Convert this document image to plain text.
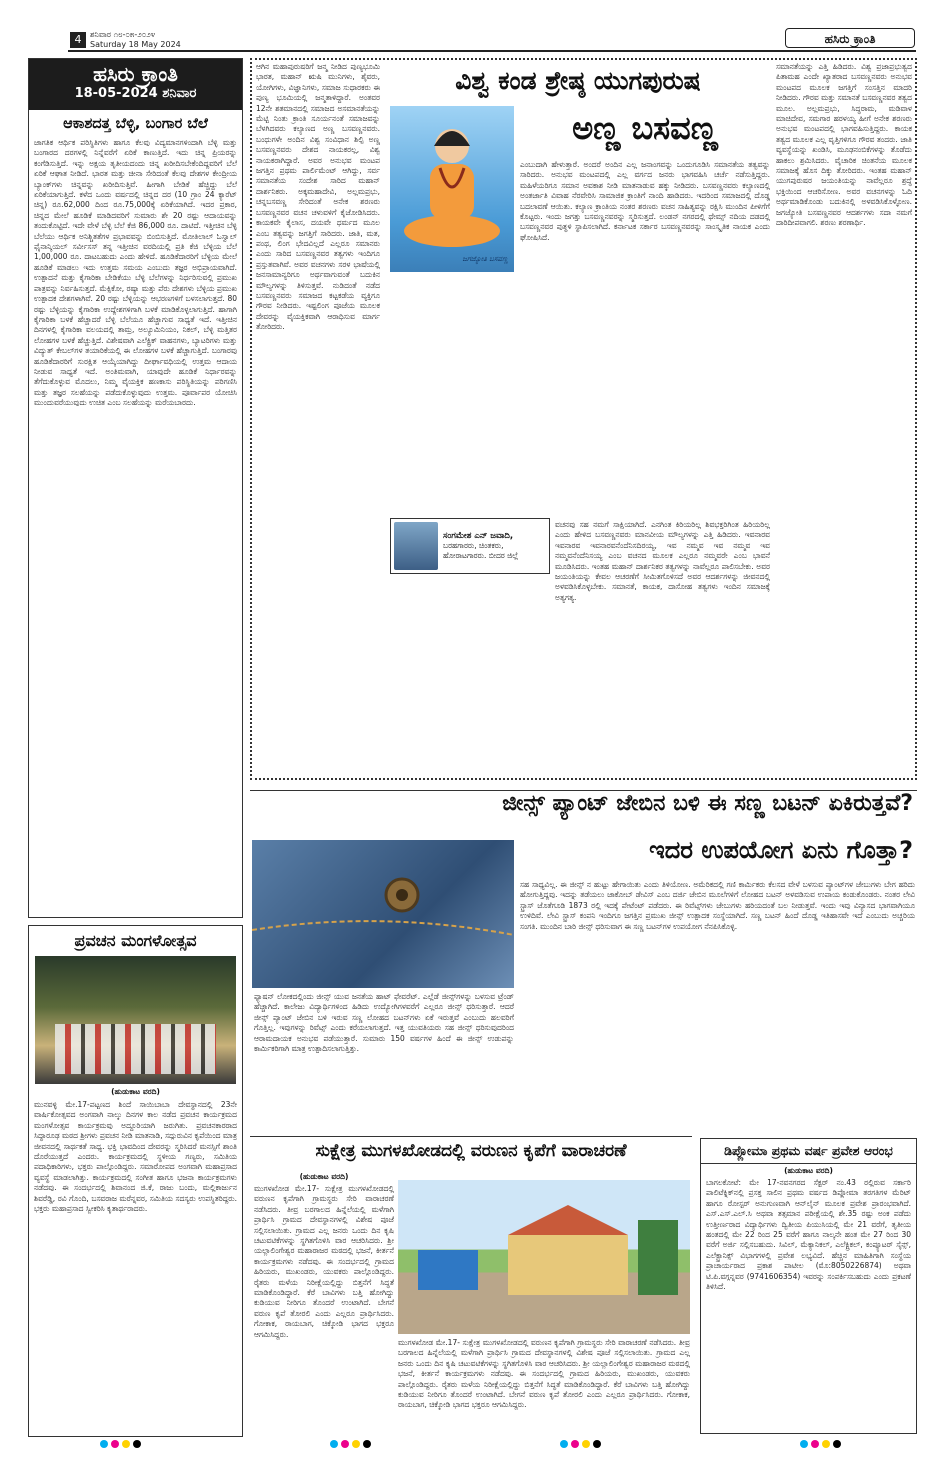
4	ಶನಿವಾರ ೧೮-೦೫-೨೦೨೪
Saturday 18 May 2024	ಹಸಿರು ಕ್ರಾಂತಿ
ಹಸಿರು ಕ್ರಾಂತಿ
18-05-2024 ಶನಿವಾರ
ಆಕಾಶದತ್ತ ಬೆಳ್ಳಿ, ಬಂಗಾರ ಬೆಲೆ
ಜಾಗತಿಕ ಆರ್ಥಿಕ ಪರಿಸ್ಥಿತಿಗಳು ಹಾಗೂ ಕೆಲವು ವಿದ್ಯಮಾನಗಳಿಂದಾಗಿ ಬೆಳ್ಳಿ ಮತ್ತು ಬಂಗಾರದ ದರಗಳಲ್ಲಿ ನಿನ್ನೆವರೆಗೆ ಏರಿಕೆ ಕಾಣುತ್ತಿದೆ. ಇದು ಚಿನ್ನ ಪ್ರಿಯರನ್ನು ಕಂಗೆಡಿಸುತ್ತಿದೆ. ಇನ್ನು ಅಕ್ಷಯ ತೃತೀಯದಂದು ಚಿನ್ನ ಖರೀದಿಸಬೇಕೆಂದಿದ್ದವರಿಗೆ ಬೆಲೆ ಏರಿಕೆ ಆಘಾತ ನೀಡಿದೆ. ಭಾರತ ಮತ್ತು ಚೀನಾ ಸೇರಿದಂತೆ ಕೆಲವು ದೇಶಗಳ ಕೇಂದ್ರೀಯ ಬ್ಯಾಂಕ್‌ಗಳು ಚಿನ್ನವನ್ನು ಖರೀದಿಸುತ್ತಿವೆ. ಹೀಗಾಗಿ ಬೇಡಿಕೆ ಹೆಚ್ಚಿದ್ದು ಬೆಲೆ ಏರಿಕೆಯಾಗುತ್ತಿದೆ. ಕಳೆದ ಒಂದು ವರ್ಷದಲ್ಲಿ ಚಿನ್ನದ ದರ (10 ಗ್ರಾಂ 24 ಕ್ಯಾರೆಟ್ ಚಿನ್ನ) ರೂ.62,000 ದಿಂದ ರೂ.75,000ಕ್ಕೆ ಏರಿಕೆಯಾಗಿದೆ. ಇದರ ಪ್ರಕಾರ, ಚಿನ್ನದ ಮೇಲೆ ಹೂಡಿಕೆ ಮಾಡಿದವರಿಗೆ ಸುಮಾರು ಶೇ 20 ರಷ್ಟು ಆದಾಯವನ್ನು ತಂದುಕೊಟ್ಟಿದೆ. ಇದೇ ವೇಳೆ ಬೆಳ್ಳಿ ಬೆಲೆ ಕೆಜಿ 86,000 ರೂ. ದಾಟಿದೆ. ಇತ್ತೀಚಿನ ಬೆಳ್ಳಿ ಬೆಲೆಯು ಆರ್ಥಿಕ ಅನಿಶ್ಚಿತತೆಗಳ ಪ್ರಭಾವವನ್ನು ಬಿಂಬಿಸುತ್ತಿದೆ. ಮೋತಿಲಾಲ್ ಓಸ್ವಾಲ್ ಫೈನಾನ್ಶಿಯಲ್ ಸರ್ವೀಸಸ್ ತನ್ನ ಇತ್ತೀಚಿನ ವರದಿಯಲ್ಲಿ ಪ್ರತಿ ಕೆಜಿ ಬೆಳ್ಳಿಯ ಬೆಲೆ 1,00,000 ರೂ. ದಾಟಬಹುದು ಎಂದು ಹೇಳಿದೆ. ಹೂಡಿಕೆದಾರರಿಗೆ ಬೆಳ್ಳಿಯ ಮೇಲೆ ಹೂಡಿಕೆ ಮಾಡಲು ಇದು ಉತ್ತಮ ಸಮಯ ಎಂಬುದು ತಜ್ಞರ ಅಭಿಪ್ರಾಯವಾಗಿದೆ. ಉತ್ಪಾದನೆ ಮತ್ತು ಕೈಗಾರಿಕಾ ಬೇಡಿಕೆಯು ಬೆಳ್ಳಿ ಬೆಲೆಗಳನ್ನು ನಿರ್ಧರಿಸುವಲ್ಲಿ ಪ್ರಮುಖ ಪಾತ್ರವನ್ನು ನಿರ್ವಹಿಸುತ್ತದೆ. ಮೆಕ್ಸಿಕೋ, ರಷ್ಯಾ ಮತ್ತು ಪೆರು ದೇಶಗಳು ಬೆಳ್ಳಿಯ ಪ್ರಮುಖ ಉತ್ಪಾದಕ ದೇಶಗಳಾಗಿವೆ. 20 ರಷ್ಟು ಬೆಳ್ಳಿಯನ್ನು ಆಭರಣಗಳಿಗೆ ಬಳಸಲಾಗುತ್ತದೆ. 80 ರಷ್ಟು ಬೆಳ್ಳಿಯನ್ನು ಕೈಗಾರಿಕಾ ಉದ್ದೇಶಗಳಿಗಾಗಿ ಬಳಕೆ ಮಾಡಿಕೊಳ್ಳಲಾಗುತ್ತಿದೆ. ಹಾಗಾಗಿ ಕೈಗಾರಿಕಾ ಬಳಕೆ ಹೆಚ್ಚಾದರೆ ಬೆಳ್ಳಿ ಬೆಲೆಯೂ ಹೆಚ್ಚಾಗುವ ಸಾಧ್ಯತೆ ಇದೆ. ಇತ್ತೀಚಿನ ದಿನಗಳಲ್ಲಿ ಕೈಗಾರಿಕಾ ವಲಯದಲ್ಲಿ ತಾಮ್ರ, ಅಲ್ಯೂಮಿನಿಯಂ, ನಿಕಲ್, ಬೆಳ್ಳಿ ಮತ್ತಿತರ ಲೋಹಗಳ ಬಳಕೆ ಹೆಚ್ಚುತ್ತಿದೆ. ವಿಶೇಷವಾಗಿ ಎಲೆಕ್ಟ್ರಿಕ್ ವಾಹನಗಳು, ಬ್ಯಾಟರಿಗಳು ಮತ್ತು ವಿದ್ಯುತ್ ಕೇಬಲ್‌ಗಳ ತಯಾರಿಕೆಯಲ್ಲಿ ಈ ಲೋಹಗಳ ಬಳಕೆ ಹೆಚ್ಚಾಗುತ್ತಿದೆ. ಬಂಗಾರವು ಹೂಡಿಕೆದಾರರಿಗೆ ಸುರಕ್ಷಿತ ಆಯ್ಕೆಯಾಗಿದ್ದು ದೀರ್ಘಾವಧಿಯಲ್ಲಿ ಉತ್ತಮ ಆದಾಯ ನೀಡುವ ಸಾಧ್ಯತೆ ಇದೆ. ಅಂತಿಮವಾಗಿ, ಯಾವುದೇ ಹೂಡಿಕೆ ನಿರ್ಧಾರವನ್ನು ತೆಗೆದುಕೊಳ್ಳುವ ಮೊದಲು, ನಿಮ್ಮ ವೈಯಕ್ತಿಕ ಹಣಕಾಸು ಪರಿಸ್ಥಿತಿಯನ್ನು ಪರಿಗಣಿಸಿ ಮತ್ತು ತಜ್ಞರ ಸಲಹೆಯನ್ನು ಪಡೆದುಕೊಳ್ಳುವುದು ಉತ್ತಮ. ಪೂರ್ವಾಪರ ಯೋಚಿಸಿ ಮುಂದುವರೆಯುವುದು ಉಚಿತ ಎಂಬ ಸಲಹೆಯನ್ನು ಮರೆಯಬಾರದು.
ಪ್ರವಚನ ಮಂಗಳೋತ್ಸವ
(ಹುಡುಕಾಟ ವರದಿ)
ಮುನವಳ್ಳಿ ಮೇ.17-ಪಟ್ಟಣದ ಶಿಂದೆ ಸಾಯಿಬಾಬಾ ದೇವಸ್ಥಾನದಲ್ಲಿ 23ನೇ ವಾರ್ಷಿಕೋತ್ಸವದ ಅಂಗವಾಗಿ ನಾಲ್ಕು ದಿನಗಳ ಕಾಲ ನಡೆದ ಪ್ರವಚನ ಕಾರ್ಯಕ್ರಮದ ಮಂಗಳೋತ್ಸವ ಕಾರ್ಯಕ್ರಮವು ಅದ್ದೂರಿಯಾಗಿ ಜರುಗಿತು. ಪ್ರವಚನಕಾರರಾದ ಸಿದ್ಧಾರೂಢ ಮಠದ ಶ್ರೀಗಳು ಪ್ರವಚನ ನೀಡಿ ಮಾತನಾಡಿ, ಸದ್ಗುರುವಿನ ಕೃಪೆಯಿಂದ ಮಾತ್ರ ಜೀವನದಲ್ಲಿ ಸಾರ್ಥಕತೆ ಸಾಧ್ಯ. ಭಕ್ತಿ ಭಾವದಿಂದ ದೇವರನ್ನು ಸ್ಮರಿಸಿದರೆ ಮನಸ್ಸಿಗೆ ಶಾಂತಿ ದೊರೆಯುತ್ತದೆ ಎಂದರು. ಕಾರ್ಯಕ್ರಮದಲ್ಲಿ ಸ್ಥಳೀಯ ಗಣ್ಯರು, ಸಮಿತಿಯ ಪದಾಧಿಕಾರಿಗಳು, ಭಕ್ತರು ಪಾಲ್ಗೊಂಡಿದ್ದರು. ಸಮಾರೋಪದ ಅಂಗವಾಗಿ ಮಹಾಪ್ರಸಾದ ವ್ಯವಸ್ಥೆ ಮಾಡಲಾಗಿತ್ತು. ಕಾರ್ಯಕ್ರಮದಲ್ಲಿ ಸಂಗೀತ ಹಾಗೂ ಭಜನಾ ಕಾರ್ಯಕ್ರಮಗಳು ನಡೆದವು. ಈ ಸಂದರ್ಭದಲ್ಲಿ ಶಿವಾನಂದ ಜಿ.ಕೆ, ರಾಜು ಬಂದು, ಮಲ್ಲಿಕಾರ್ಜುನ ಶಿವರೆಡ್ಡಿ, ರವಿ ಗೊಂದಿ, ಬಸವರಾಜ ಮರೆನ್ನವರ, ಸಮಿತಿಯ ಸದಸ್ಯರು ಉಪಸ್ಥಿತರಿದ್ದರು. ಭಕ್ತರು ಮಹಾಪ್ರಸಾದ ಸ್ವೀಕರಿಸಿ ಕೃತಾರ್ಥರಾದರು.
ಆಗಿನ ಮಹಾಪುರುಷರಿಗೆ ಜನ್ಮ ನೀಡಿದ ಪುಣ್ಯಭೂಮಿ ಭಾರತ, ಮಹಾನ್ ಋಷಿ ಮುನಿಗಳು, ಶೈವರು, ಯೋಗಿಗಳು, ವಿಜ್ಞಾನಿಗಳು, ಸಮಾಜ ಸುಧಾರಕರು ಈ ಪುಣ್ಯ ಭೂಮಿಯಲ್ಲಿ ಜನ್ಮತಾಳಿದ್ದಾರೆ. ಅಂತವರ 12ನೇ ಶತಮಾನದಲ್ಲಿ ಸಮಾಜದ ಅಸಮಾನತೆಯನ್ನು ಮೆಟ್ಟಿ ನಿಂತು ಕ್ರಾಂತಿ ಸೂರ್ಯನಂತೆ ಸಮಾಜವನ್ನು ಬೆಳಗಿದವರು ಕಲ್ಯಾಣದ ಅಣ್ಣ ಬಸವಣ್ಣನವರು. ಬಂಧುಗಳೇ ಅಂದಿನ ವಿಶ್ವ ಸಂವಿಧಾನ ಶಿಲ್ಪಿ ಅಣ್ಣ ಬಸವಣ್ಣನವರು ದೇಶದ ನಾಯಕರಲ್ಲ, ವಿಶ್ವ ನಾಯಕರಾಗಿದ್ದಾರೆ. ಅವರ ಅನುಭವ ಮಂಟಪ ಜಗತ್ತಿನ ಪ್ರಥಮ ಪಾರ್ಲಿಮೆಂಟ್ ಆಗಿದ್ದು, ಸರ್ವ ಸಮಾನತೆಯ ಸಂದೇಶ ಸಾರಿದ ಮಹಾನ್ ದಾರ್ಶನಿಕರು. ಅಕ್ಕಮಹಾದೇವಿ, ಅಲ್ಲಮಪ್ರಭು, ಚನ್ನಬಸವಣ್ಣ ಸೇರಿದಂತೆ ಅನೇಕ ಶರಣರು ಬಸವಣ್ಣನವರ ವಚನ ಚಳುವಳಿಗೆ ಕೈಜೋಡಿಸಿದರು. ಕಾಯಕವೇ ಕೈಲಾಸ, ದಯವೇ ಧರ್ಮದ ಮೂಲ ಎಂಬ ತತ್ವವನ್ನು ಜಗತ್ತಿಗೆ ಸಾರಿದರು. ಜಾತಿ, ಮತ, ಪಂಥ, ಲಿಂಗ ಭೇದವಿಲ್ಲದೆ ಎಲ್ಲರೂ ಸಮಾನರು ಎಂದು ಸಾರಿದ ಬಸವಣ್ಣನವರ ತತ್ವಗಳು ಇಂದಿಗೂ ಪ್ರಸ್ತುತವಾಗಿವೆ. ಅವರ ವಚನಗಳು ಸರಳ ಭಾಷೆಯಲ್ಲಿ ಜನಸಾಮಾನ್ಯರಿಗೂ ಅರ್ಥವಾಗುವಂತೆ ಬದುಕಿನ ಮೌಲ್ಯಗಳನ್ನು ತಿಳಿಸುತ್ತವೆ. ನುಡಿದಂತೆ ನಡೆದ ಬಸವಣ್ಣನವರು ಸಮಾಜದ ಕಟ್ಟಕಡೆಯ ವ್ಯಕ್ತಿಗೂ ಗೌರವ ನೀಡಿದರು. ಇಷ್ಟಲಿಂಗ ಪೂಜೆಯ ಮೂಲಕ ದೇವರನ್ನು ವೈಯಕ್ತಿಕವಾಗಿ ಆರಾಧಿಸುವ ಮಾರ್ಗ ತೋರಿದರು.
ವಿಶ್ವ ಕಂಡ ಶ್ರೇಷ್ಠ ಯುಗಪುರುಷ
ಅಣ್ಣ ಬಸವಣ್ಣ
ಜಗಜ್ಯೋತಿ ಬಸವಣ್ಣ
ಎಂಬುದಾಗಿ ಹೇಳುತ್ತಾರೆ. ಅಂದರೆ ಅಂದಿನ ಎಲ್ಲ ಜನಾಂಗವನ್ನು ಒಂದುಗೂಡಿಸಿ ಸಮಾನತೆಯ ತತ್ವವನ್ನು ಸಾರಿದರು. ಅನುಭವ ಮಂಟಪದಲ್ಲಿ ಎಲ್ಲ ವರ್ಗದ ಜನರು ಭಾಗವಹಿಸಿ ಚರ್ಚೆ ನಡೆಸುತ್ತಿದ್ದರು. ಮಹಿಳೆಯರಿಗೂ ಸಮಾನ ಅವಕಾಶ ನೀಡಿ ಮಾತನಾಡುವ ಹಕ್ಕು ನೀಡಿದರು. ಬಸವಣ್ಣನವರು ಕಲ್ಯಾಣದಲ್ಲಿ ಅಂತರ್ಜಾತಿ ವಿವಾಹ ನೆರವೇರಿಸಿ ಸಾಮಾಜಿಕ ಕ್ರಾಂತಿಗೆ ನಾಂದಿ ಹಾಡಿದರು. ಇದರಿಂದ ಸಮಾಜದಲ್ಲಿ ದೊಡ್ಡ ಬದಲಾವಣೆ ಆಯಿತು. ಕಲ್ಯಾಣ ಕ್ರಾಂತಿಯ ನಂತರ ಶರಣರು ವಚನ ಸಾಹಿತ್ಯವನ್ನು ರಕ್ಷಿಸಿ ಮುಂದಿನ ಪೀಳಿಗೆಗೆ ಕೊಟ್ಟರು. ಇಂದು ಜಗತ್ತು ಬಸವಣ್ಣನವರನ್ನು ಸ್ಮರಿಸುತ್ತದೆ. ಲಂಡನ್ ನಗರದಲ್ಲಿ ಥೇಮ್ಸ್ ನದಿಯ ದಡದಲ್ಲಿ ಬಸವಣ್ಣನವರ ಪುತ್ಥಳಿ ಸ್ಥಾಪಿಸಲಾಗಿದೆ. ಕರ್ನಾಟಕ ಸರ್ಕಾರ ಬಸವಣ್ಣನವರನ್ನು ಸಾಂಸ್ಕೃತಿಕ ನಾಯಕ ಎಂದು ಘೋಷಿಸಿದೆ.
ಸಂಗಮೇಶ ಎನ್ ಜವಾದಿ,
ಬರಹಗಾರರು, ಚಿಂತಕರು,
ಹೋರಾಟಗಾರರು. ಬೀದರ ಜಿಲ್ಲೆ
ವಚನವು ಸಹ ನಮಗೆ ಸಾಕ್ಷಿಯಾಗಿದೆ. ಎನಗಿಂತ ಕಿರಿಯರಿಲ್ಲ ಶಿವಭಕ್ತರಿಗಿಂತ ಹಿರಿಯರಿಲ್ಲ ಎಂದು ಹೇಳಿದ ಬಸವಣ್ಣನವರು ಮಾನವೀಯ ಮೌಲ್ಯಗಳನ್ನು ಎತ್ತಿ ಹಿಡಿದರು. ಇವನಾರವ ಇವನಾರವ ಇವನಾರವನೆಂದೆನಿಸದಿರಯ್ಯ, ಇವ ನಮ್ಮವ ಇವ ನಮ್ಮವ ಇವ ನಮ್ಮವನೆಂದೆನಿಸಯ್ಯ ಎಂಬ ವಚನದ ಮೂಲಕ ಎಲ್ಲರೂ ನಮ್ಮವರೇ ಎಂಬ ಭಾವನೆ ಮೂಡಿಸಿದರು. ಇಂತಹ ಮಹಾನ್ ದಾರ್ಶನಿಕರ ತತ್ವಗಳನ್ನು ನಾವೆಲ್ಲರೂ ಪಾಲಿಸಬೇಕು. ಅವರ ಜಯಂತಿಯನ್ನು ಕೇವಲ ಆಚರಣೆಗೆ ಸೀಮಿತಗೊಳಿಸದೆ ಅವರ ಆದರ್ಶಗಳನ್ನು ಜೀವನದಲ್ಲಿ ಅಳವಡಿಸಿಕೊಳ್ಳಬೇಕು. ಸಮಾನತೆ, ಕಾಯಕ, ದಾಸೋಹ ತತ್ವಗಳು ಇಂದಿನ ಸಮಾಜಕ್ಕೆ ಅತ್ಯಗತ್ಯ.
ಸಮಾನತೆಯನ್ನು ಎತ್ತಿ ಹಿಡಿದರು. ವಿಶ್ವ ಪ್ರಜಾಪ್ರಭುತ್ವದ ಪಿತಾಮಹ ಎಂದೇ ಖ್ಯಾತರಾದ ಬಸವಣ್ಣನವರು ಅನುಭವ ಮಂಟಪದ ಮೂಲಕ ಜಗತ್ತಿಗೆ ಸಂಸತ್ತಿನ ಮಾದರಿ ನೀಡಿದರು. ಗೌರವ ಮತ್ತು ಸಮಾನತೆ ಬಸವಣ್ಣನವರ ತತ್ವದ ಮೂಲ. ಅಲ್ಲಮಪ್ರಭು, ಸಿದ್ಧರಾಮ, ಮಡಿವಾಳ ಮಾಚಿದೇವ, ಸಮಗಾರ ಹರಳಯ್ಯ ಹೀಗೆ ಅನೇಕ ಶರಣರು ಅನುಭವ ಮಂಟಪದಲ್ಲಿ ಭಾಗವಹಿಸುತ್ತಿದ್ದರು. ಕಾಯಕ ತತ್ವದ ಮೂಲಕ ಎಲ್ಲ ವೃತ್ತಿಗಳಿಗೂ ಗೌರವ ತಂದರು. ಜಾತಿ ವ್ಯವಸ್ಥೆಯನ್ನು ಖಂಡಿಸಿ, ಮೂಢನಂಬಿಕೆಗಳನ್ನು ತೊಡೆದು ಹಾಕಲು ಶ್ರಮಿಸಿದರು. ವೈಚಾರಿಕ ಚಿಂತನೆಯ ಮೂಲಕ ಸಮಾಜಕ್ಕೆ ಹೊಸ ದಿಕ್ಕು ತೋರಿದರು. ಇಂತಹ ಮಹಾನ್ ಯುಗಪುರುಷರ ಜಯಂತಿಯನ್ನು ನಾವೆಲ್ಲರೂ ಶ್ರದ್ಧೆ ಭಕ್ತಿಯಿಂದ ಆಚರಿಸೋಣ. ಅವರ ವಚನಗಳನ್ನು ಓದಿ ಅರ್ಥಮಾಡಿಕೊಂಡು ಬದುಕಿನಲ್ಲಿ ಅಳವಡಿಸಿಕೊಳ್ಳೋಣ. ಜಗಜ್ಯೋತಿ ಬಸವಣ್ಣನವರ ಆದರ್ಶಗಳು ಸದಾ ನಮಗೆ ದಾರಿದೀಪವಾಗಲಿ. ಶರಣು ಶರಣಾರ್ಥಿ.
ಜೀನ್ಸ್ ಪ್ಯಾಂಟ್ ಜೇಬಿನ ಬಳಿ ಈ ಸಣ್ಣ ಬಟನ್ ಏಕಿರುತ್ತವೆ?
ಇದರ ಉಪಯೋಗ ಏನು ಗೊತ್ತಾ?
ಫ್ಯಾಷನ್ ಲೋಕದಲ್ಲಿಂದು ಜೀನ್ಸ್ ಯುವ ಜನತೆಯ ಹಾಟ್ ಫೇವರೆಟ್. ಎಲ್ಲೆಡೆ ಜೀನ್ಸ್‌ಗಳನ್ನು ಬಳಸುವ ಟ್ರೆಂಡ್ ಹೆಚ್ಚಾಗಿದೆ. ಕಾಲೇಜು ವಿದ್ಯಾರ್ಥಿಗಳಿಂದ ಹಿಡಿದು ಉದ್ಯೋಗಿಗಳವರೆಗೆ ಎಲ್ಲರೂ ಜೀನ್ಸ್ ಧರಿಸುತ್ತಾರೆ. ಆದರೆ ಜೀನ್ಸ್ ಪ್ಯಾಂಟ್ ಜೇಬಿನ ಬಳಿ ಇರುವ ಸಣ್ಣ ಲೋಹದ ಬಟನ್‌ಗಳು ಏಕೆ ಇರುತ್ತವೆ ಎಂಬುದು ಹಲವರಿಗೆ ಗೊತ್ತಿಲ್ಲ. ಇವುಗಳನ್ನು ರಿವೆಟ್ಸ್ ಎಂದು ಕರೆಯಲಾಗುತ್ತದೆ. ಇತ್ತ ಯುವತಿಯರು ಸಹ ಜೀನ್ಸ್ ಧರಿಸುವುದರಿಂದ ಆರಾಮದಾಯಕ ಅನುಭವ ಪಡೆಯುತ್ತಾರೆ. ಸುಮಾರು 150 ವರ್ಷಗಳ ಹಿಂದೆ ಈ ಜೀನ್ಸ್ ಉಡುಪನ್ನು ಕಾರ್ಮಿಕರಿಗಾಗಿ ಮಾತ್ರ ಉತ್ಪಾದಿಸಲಾಗುತ್ತಿತ್ತು.
ಸಹ ಸಾಧ್ಯವಿಲ್ಲ. ಈ ಜೀನ್ಸ್ ನ ಹುಟ್ಟು ಹೇಗಾಯಿತು ಎಂದು ತಿಳಿಯೋಣ. ಅಮೆರಿಕದಲ್ಲಿ ಗಣಿ ಕಾರ್ಮಿಕರು ಕೆಲಸದ ವೇಳೆ ಬಳಸುವ ಪ್ಯಾಂಟ್‌ಗಳ ಜೇಬುಗಳು ಬೇಗ ಹರಿದು ಹೋಗುತ್ತಿದ್ದವು. ಇದನ್ನು ತಡೆಯಲು ಜಾಕೋಬ್ ಡೇವಿಸ್ ಎಂಬ ದರ್ಜಿ ಜೇಬಿನ ಮೂಲೆಗಳಿಗೆ ಲೋಹದ ಬಟನ್ ಅಳವಡಿಸುವ ಉಪಾಯ ಕಂಡುಕೊಂಡರು. ನಂತರ ಲೇವಿ ಸ್ಟ್ರಾಸ್ ಜೊತೆಗೂಡಿ 1873 ರಲ್ಲಿ ಇದಕ್ಕೆ ಪೇಟೆಂಟ್ ಪಡೆದರು. ಈ ರಿವೆಟ್ಸ್‌ಗಳು ಜೇಬುಗಳು ಹರಿಯದಂತೆ ಬಲ ನೀಡುತ್ತವೆ. ಇಂದು ಇವು ವಿನ್ಯಾಸದ ಭಾಗವಾಗಿಯೂ ಉಳಿದಿವೆ. ಲೇವಿ ಸ್ಟ್ರಾಸ್ ಕಂಪನಿ ಇಂದಿಗೂ ಜಗತ್ತಿನ ಪ್ರಮುಖ ಜೀನ್ಸ್ ಉತ್ಪಾದಕ ಸಂಸ್ಥೆಯಾಗಿದೆ. ಸಣ್ಣ ಬಟನ್ ಹಿಂದೆ ದೊಡ್ಡ ಇತಿಹಾಸವೇ ಇದೆ ಎಂಬುದು ಅಚ್ಚರಿಯ ಸಂಗತಿ. ಮುಂದಿನ ಬಾರಿ ಜೀನ್ಸ್ ಧರಿಸುವಾಗ ಈ ಸಣ್ಣ ಬಟನ್‌ಗಳ ಉಪಯೋಗ ನೆನಪಿಸಿಕೊಳ್ಳಿ.
ಸುಕ್ಷೇತ್ರ ಮುಗಳಖೋಡದಲ್ಲಿ ವರುಣನ ಕೃಪೆಗೆ ವಾರಾಚರಣೆ
(ಹುಡುಕಾಟ ವರದಿ)
ಮುಗಳಖೋಡ ಮೇ.17- ಸುಕ್ಷೇತ್ರ ಮುಗಳಖೋಡದಲ್ಲಿ ವರುಣನ ಕೃಪೆಗಾಗಿ ಗ್ರಾಮಸ್ಥರು ಸೇರಿ ವಾರಾಚರಣೆ ನಡೆಸಿದರು. ತೀವ್ರ ಬರಗಾಲದ ಹಿನ್ನೆಲೆಯಲ್ಲಿ ಮಳೆಗಾಗಿ ಪ್ರಾರ್ಥಿಸಿ ಗ್ರಾಮದ ದೇವಸ್ಥಾನಗಳಲ್ಲಿ ವಿಶೇಷ ಪೂಜೆ ಸಲ್ಲಿಸಲಾಯಿತು. ಗ್ರಾಮದ ಎಲ್ಲ ಜನರು ಒಂದು ದಿನ ಕೃಷಿ ಚಟುವಟಿಕೆಗಳನ್ನು ಸ್ಥಗಿತಗೊಳಿಸಿ ವಾರ ಆಚರಿಸಿದರು. ಶ್ರೀ ಯಲ್ಲಾಲಿಂಗೇಶ್ವರ ಮಹಾರಾಜರ ಮಠದಲ್ಲಿ ಭಜನೆ, ಕೀರ್ತನೆ ಕಾರ್ಯಕ್ರಮಗಳು ನಡೆದವು. ಈ ಸಂದರ್ಭದಲ್ಲಿ ಗ್ರಾಮದ ಹಿರಿಯರು, ಮುಖಂಡರು, ಯುವಕರು ಪಾಲ್ಗೊಂಡಿದ್ದರು. ರೈತರು ಮಳೆಯ ನಿರೀಕ್ಷೆಯಲ್ಲಿದ್ದು ಬಿತ್ತನೆಗೆ ಸಿದ್ಧತೆ ಮಾಡಿಕೊಂಡಿದ್ದಾರೆ. ಕೆರೆ ಬಾವಿಗಳು ಬತ್ತಿ ಹೋಗಿದ್ದು ಕುಡಿಯುವ ನೀರಿಗೂ ತೊಂದರೆ ಉಂಟಾಗಿದೆ. ಬೇಗನೆ ವರುಣ ಕೃಪೆ ತೋರಲಿ ಎಂದು ಎಲ್ಲರೂ ಪ್ರಾರ್ಥಿಸಿದರು. ಗೋಕಾಕ, ರಾಯಬಾಗ, ಚಿಕ್ಕೋಡಿ ಭಾಗದ ಭಕ್ತರೂ ಆಗಮಿಸಿದ್ದರು.
ಮುಗಳಖೋಡ ಮೇ.17- ಸುಕ್ಷೇತ್ರ ಮುಗಳಖೋಡದಲ್ಲಿ ವರುಣನ ಕೃಪೆಗಾಗಿ ಗ್ರಾಮಸ್ಥರು ಸೇರಿ ವಾರಾಚರಣೆ ನಡೆಸಿದರು. ತೀವ್ರ ಬರಗಾಲದ ಹಿನ್ನೆಲೆಯಲ್ಲಿ ಮಳೆಗಾಗಿ ಪ್ರಾರ್ಥಿಸಿ ಗ್ರಾಮದ ದೇವಸ್ಥಾನಗಳಲ್ಲಿ ವಿಶೇಷ ಪೂಜೆ ಸಲ್ಲಿಸಲಾಯಿತು. ಗ್ರಾಮದ ಎಲ್ಲ ಜನರು ಒಂದು ದಿನ ಕೃಷಿ ಚಟುವಟಿಕೆಗಳನ್ನು ಸ್ಥಗಿತಗೊಳಿಸಿ ವಾರ ಆಚರಿಸಿದರು. ಶ್ರೀ ಯಲ್ಲಾಲಿಂಗೇಶ್ವರ ಮಹಾರಾಜರ ಮಠದಲ್ಲಿ ಭಜನೆ, ಕೀರ್ತನೆ ಕಾರ್ಯಕ್ರಮಗಳು ನಡೆದವು. ಈ ಸಂದರ್ಭದಲ್ಲಿ ಗ್ರಾಮದ ಹಿರಿಯರು, ಮುಖಂಡರು, ಯುವಕರು ಪಾಲ್ಗೊಂಡಿದ್ದರು. ರೈತರು ಮಳೆಯ ನಿರೀಕ್ಷೆಯಲ್ಲಿದ್ದು ಬಿತ್ತನೆಗೆ ಸಿದ್ಧತೆ ಮಾಡಿಕೊಂಡಿದ್ದಾರೆ. ಕೆರೆ ಬಾವಿಗಳು ಬತ್ತಿ ಹೋಗಿದ್ದು ಕುಡಿಯುವ ನೀರಿಗೂ ತೊಂದರೆ ಉಂಟಾಗಿದೆ. ಬೇಗನೆ ವರುಣ ಕೃಪೆ ತೋರಲಿ ಎಂದು ಎಲ್ಲರೂ ಪ್ರಾರ್ಥಿಸಿದರು. ಗೋಕಾಕ, ರಾಯಬಾಗ, ಚಿಕ್ಕೋಡಿ ಭಾಗದ ಭಕ್ತರೂ ಆಗಮಿಸಿದ್ದರು.
ಡಿಪ್ಲೋಮಾ ಪ್ರಥಮ ವರ್ಷ ಪ್ರವೇಶ ಆರಂಭ
(ಹುಡುಕಾಟ ವರದಿ)
ಬಾಗಲಕೋಟೆ: ಮೇ 17-ನವನಗರದ ಸೆಕ್ಟರ್ ನಂ.43 ರಲ್ಲಿರುವ ಸರ್ಕಾರಿ ಪಾಲಿಟೆಕ್ನಿಕ್‌ನಲ್ಲಿ ಪ್ರಸಕ್ತ ಸಾಲಿನ ಪ್ರಥಮ ವರ್ಷದ ಡಿಪ್ಲೋಮಾ ತರಗತಿಗಳ ಮೆರಿಟ್ ಹಾಗೂ ರೋಸ್ಟರ್ ಅನುಗುಣವಾಗಿ ಆನ್‌ಲೈನ್ ಮೂಲಕ ಪ್ರವೇಶ ಪ್ರಾರಂಭವಾಗಿದೆ. ಎಸ್.ಎಸ್.ಎಲ್.ಸಿ ಅಥವಾ ತತ್ಸಮಾನ ಪರೀಕ್ಷೆಯಲ್ಲಿ ಶೇ.35 ರಷ್ಟು ಅಂಕ ಪಡೆದು ಉತ್ತೀರ್ಣರಾದ ವಿದ್ಯಾರ್ಥಿಗಳು ದ್ವಿತೀಯ ಪಿಯುಸಿಯಲ್ಲಿ ಮೇ 21 ವರೆಗೆ, ತೃತೀಯ ಹಂತದಲ್ಲಿ ಮೇ 22 ರಿಂದ 25 ವರೆಗೆ ಹಾಗೂ ನಾಲ್ಕನೇ ಹಂತ ಮೇ 27 ರಿಂದ 30 ವರೆಗೆ ಅರ್ಜಿ ಸಲ್ಲಿಸಬಹುದು. ಸಿವಿಲ್, ಮೆಕ್ಯಾನಿಕಲ್, ಎಲೆಕ್ಟ್ರಿಕಲ್, ಕಂಪ್ಯೂಟರ್ ಸೈನ್ಸ್, ಎಲೆಕ್ಟ್ರಾನಿಕ್ಸ್ ವಿಭಾಗಗಳಲ್ಲಿ ಪ್ರವೇಶ ಲಭ್ಯವಿದೆ. ಹೆಚ್ಚಿನ ಮಾಹಿತಿಗಾಗಿ ಸಂಸ್ಥೆಯ ಪ್ರಾಚಾರ್ಯರಾದ ಪ್ರಕಾಶ ಪಾಟೀಲ (ಮೊ:8050226874) ಅಥವಾ ಟಿ.ಪಿ.ವಗ್ಗನ್ನವರ (9741606354) ಇವರನ್ನು ಸಂಪರ್ಕಿಸಬಹುದು ಎಂದು ಪ್ರಕಟಣೆ ತಿಳಿಸಿದೆ.
